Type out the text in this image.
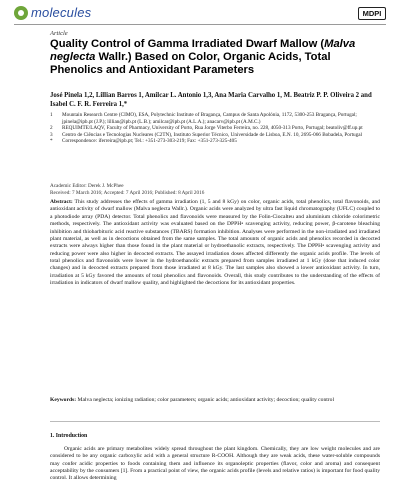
molecules	MDPI
Article
Quality Control of Gamma Irradiated Dwarf Mallow (Malva neglecta Wallr.) Based on Color, Organic Acids, Total Phenolics and Antioxidant Parameters
José Pinela 1,2, Lillian Barros 1, Amilcar L. Antonio 1,3, Ana Maria Carvalho 1, M. Beatriz P. P. Oliveira 2 and Isabel C. F. R. Ferreira 1,*
1 Mountain Research Centre (CIMO), ESA, Polytechnic Institute of Bragança, Campus de Santa Apolónia, 1172, 5300-253 Bragança, Portugal; jpinela@ipb.pt (J.P.); lillian@ipb.pt (L.B.); amilcar@ipb.pt (A.L.A.); anacarv@ipb.pt (A.M.C.)
2 REQUIMTE/LAQV, Faculty of Pharmacy, University of Porto, Rua Jorge Viterbo Ferreira, no. 228, 4050-313 Porto, Portugal; beatoliv@ff.up.pt
3 Centro de Ciências e Tecnologias Nucleares (C2TN), Instituto Superior Técnico, Universidade de Lisboa, E.N. 10, 2695-066 Bobadela, Portugal
* Correspondence: iferreira@ipb.pt; Tel.: +351-273-303-219; Fax: +351-273-325-405
Academic Editor: Derek J. McPhee
Received: 7 March 2016; Accepted: 7 April 2016; Published: 8 April 2016
Abstract: This study addresses the effects of gamma irradiation (1, 5 and 8 kGy) on color, organic acids, total phenolics, total flavonoids, and antioxidant activity of dwarf mallow (Malva neglecta Wallr.). Organic acids were analyzed by ultra fast liquid chromatography (UFLC) coupled to a photodiode array (PDA) detector. Total phenolics and flavonoids were measured by the Folin-Ciocalteu and aluminium chloride colorimetric methods, respectively. The antioxidant activity was evaluated based on the DPPH• scavenging activity, reducing power, β-carotene bleaching inhibition and thiobarbituric acid reactive substances (TBARS) formation inhibition. Analyses were performed in the non-irradiated and irradiated plant material, as well as in decoctions obtained from the same samples. The total amounts of organic acids and phenolics recorded in decocted extracts were always higher than those found in the plant material or hydroethanolic extracts, respectively. The DPPH• scavenging activity and reducing power were also higher in decocted extracts. The assayed irradiation doses affected differently the organic acids profile. The levels of total phenolics and flavonoids were lower in the hydroethanolic extracts prepared from samples irradiated at 1 kGy (dose that induced color changes) and in decocted extracts prepared from those irradiated at 8 kGy. The last samples also showed a lower antioxidant activity. In turn, irradiation at 5 kGy favored the amounts of total phenolics and flavonoids. Overall, this study contributes to the understanding of the effects of irradiation in indicators of dwarf mallow quality, and highlighted the decoctions for its antioxidant properties.
Keywords: Malva neglecta; ionizing radiation; color parameters; organic acids; antioxidant activity; decoction; quality control
1. Introduction
Organic acids are primary metabolites widely spread throughout the plant kingdom. Chemically, they are low weight molecules and are considered to be any organic carboxylic acid with a general structure R-COOH. Although they are weak acids, these water-soluble compounds may confer acidic properties to foods containing them and influence its organoleptic properties (flavor, color and aroma) and consequent acceptability by the consumers [1]. From a practical point of view, the organic acids profile (levels and relative ratios) is important for food quality control. It allows determining
